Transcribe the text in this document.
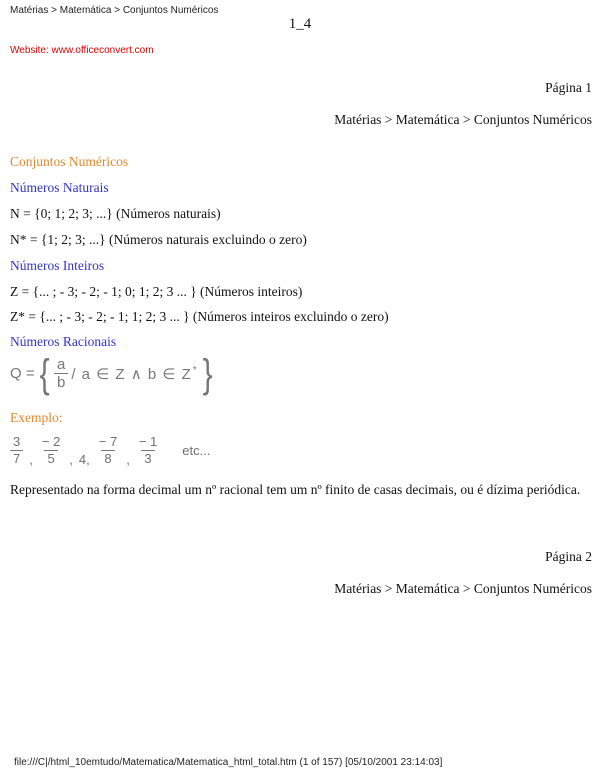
Matérias > Matemática > Conjuntos Numéricos
1_4
Website: www.officeconvert.com
Página 1
Matérias > Matemática > Conjuntos Numéricos
Conjuntos Numéricos
Números Naturais
N = {0; 1; 2; 3; ...} (Números naturais)
N* = {1; 2; 3; ...} (Números naturais excluindo o zero)
Números Inteiros
Z = {... ; - 3; - 2; - 1; 0; 1; 2; 3 ... } (Números inteiros)
Z* = {... ; - 3; - 2; - 1; 1; 2; 3 ... } (Números inteiros excluindo o zero)
Números Racionais
Q = { $\frac{a}{b}$ / a ∈ Z ∧ b ∈ Z* }
Exemplo:
$\frac{3}{7}$ , $\frac{- 2}{5}$ , 4, $\frac{- 7}{8}$ , $\frac{- 1}{3}$ etc...
Representado na forma decimal um nº racional tem um nº finito de casas decimais, ou é dízima periódica.
Página 2
Matérias > Matemática > Conjuntos Numéricos
file:///C|/html_10emtudo/Matematica/Matematica_html_total.htm (1 of 157) [05/10/2001 23:14:03]
